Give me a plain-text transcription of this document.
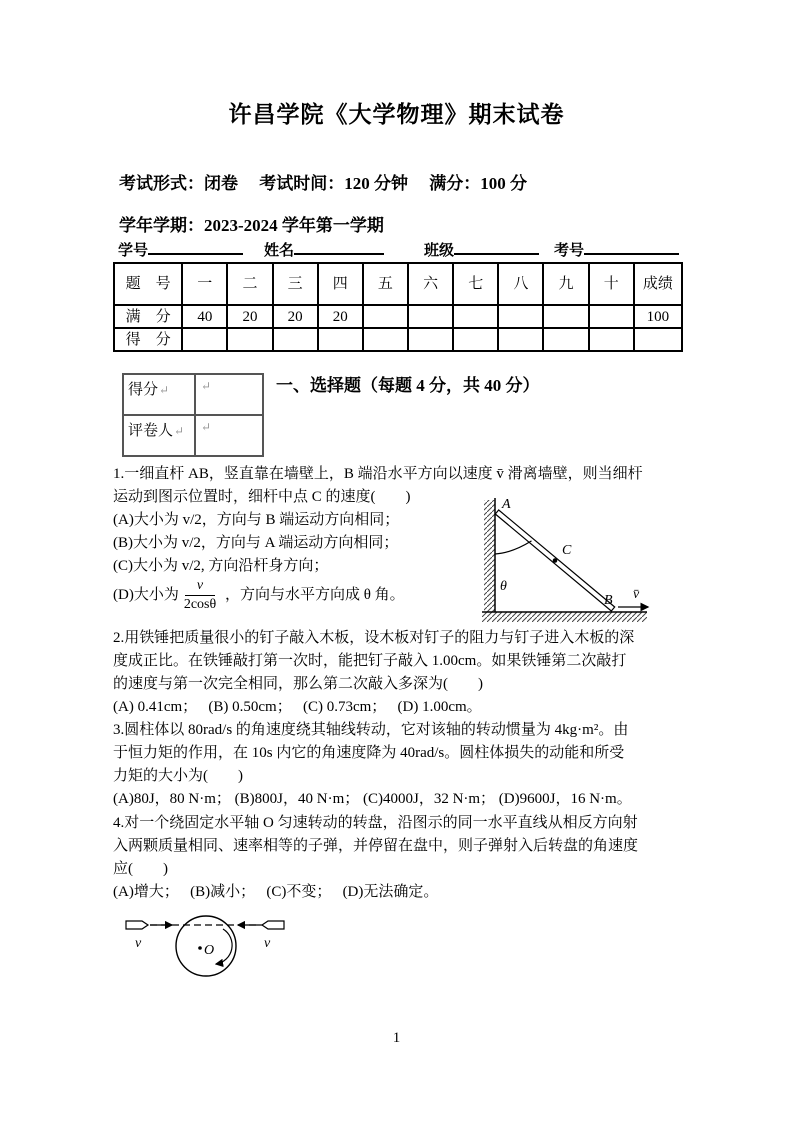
许昌学院《大学物理》期末试卷
考试形式：闭卷　 考试时间：120 分钟　 满分：100 分
学年学期：2023-2024 学年第一学期
学号	姓名	班级	考号
题　号	一	二	三	四	五	六	七	八	九	十	成绩
满　分	40	20	20	20							100
得　分											
得分↵	↵
评卷人↵	↵
一、选择题（每题 4 分，共 40 分）
1.一细直杆 AB，竖直靠在墙壁上，B 端沿水平方向以速度 v̄ 滑离墙壁，则当细杆
运动到图示位置时，细杆中点 C 的速度(　　)
(A)大小为 v/2，方向与 B 端运动方向相同；
(B)大小为 v/2，方向与 A 端运动方向相同；
(C)大小为 v/2, 方向沿杆身方向；
(D)大小为 $\frac{v}{2\cos\theta}$ ，方向与水平方向成 θ 角。
A
θ
C
B v̄
2.用铁锤把质量很小的钉子敲入木板，设木板对钉子的阻力与钉子进入木板的深
度成正比。在铁锤敲打第一次时，能把钉子敲入 1.00cm。如果铁锤第二次敲打
的速度与第一次完全相同，那么第二次敲入多深为(　　)
(A) 0.41cm；　 (B) 0.50cm；　 (C) 0.73cm；　 (D) 1.00cm。
3.圆柱体以 80rad/s 的角速度绕其轴线转动，它对该轴的转动惯量为 4kg·m²。由
于恒力矩的作用，在 10s 内它的角速度降为 40rad/s。圆柱体损失的动能和所受
力矩的大小为(　　)
(A)80J，80 N·m； (B)800J，40 N·m； (C)4000J，32 N·m； (D)9600J，16 N·m。
4.对一个绕固定水平轴 O 匀速转动的转盘，沿图示的同一水平直线从相反方向射
入两颗质量相同、速率相等的子弹，并停留在盘中，则子弹射入后转盘的角速度
应(　　)
(A)增大；　 (B)减小；　 (C)不变；　 (D)无法确定。
O
v	v
1
